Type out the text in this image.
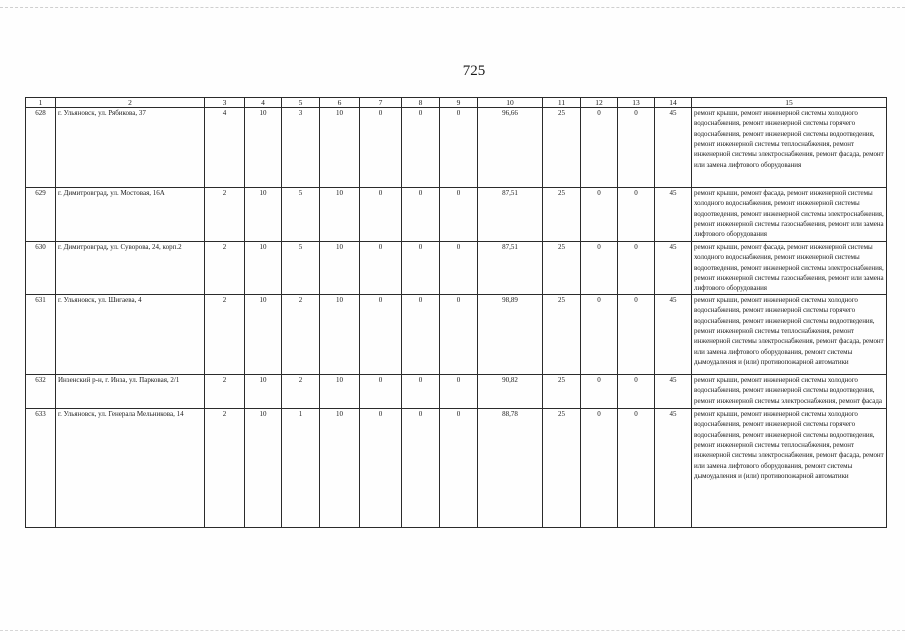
725
1	2	3	4	5	6	7	8	9	10	11	12	13	14	15
628	г. Ульяновск, ул. Рябикова, 37	4	10	3	10	0	0	0	96,66	25	0	0	45	ремонт крыши, ремонт инженерной системы холодного водоснабжения, ремонт инженерной системы горячего водоснабжения, ремонт инженерной системы водоотведения, ремонт инженерной системы теплоснабжения, ремонт инженерной системы электроснабжения, ремонт фасада, ремонт или замена лифтового оборудования
629	г. Димитровград, ул. Мостовая, 16А	2	10	5	10	0	0	0	87,51	25	0	0	45	ремонт крыши, ремонт фасада, ремонт инженерной системы холодного водоснабжения, ремонт инженерной системы водоотведения, ремонт инженерной системы электроснабжения, ремонт инженерной системы газоснабжения, ремонт или замена лифтового оборудования
630	г. Димитровград, ул. Суворова, 24, корп.2	2	10	5	10	0	0	0	87,51	25	0	0	45	ремонт крыши, ремонт фасада, ремонт инженерной системы холодного водоснабжения, ремонт инженерной системы водоотведения, ремонт инженерной системы электроснабжения, ремонт инженерной системы газоснабжения, ремонт или замена лифтового оборудования
631	г. Ульяновск, ул. Шигаева, 4	2	10	2	10	0	0	0	98,89	25	0	0	45	ремонт крыши, ремонт инженерной системы холодного водоснабжения, ремонт инженерной системы горячего водоснабжения, ремонт инженерной системы водоотведения, ремонт инженерной системы теплоснабжения, ремонт инженерной системы электроснабжения, ремонт фасада, ремонт или замена лифтового оборудования, ремонт системы дымоудаления и (или) противопожарной автоматики
632	Инзенский р-н, г. Инза, ул. Парковая, 2/1	2	10	2	10	0	0	0	90,82	25	0	0	45	ремонт крыши, ремонт инженерной системы холодного водоснабжения, ремонт инженерной системы водоотведения, ремонт инженерной системы электроснабжения, ремонт фасада
633	г. Ульяновск, ул. Генерала Мельникова, 14	2	10	1	10	0	0	0	88,78	25	0	0	45	ремонт крыши, ремонт инженерной системы холодного водоснабжения, ремонт инженерной системы горячего водоснабжения, ремонт инженерной системы водоотведения, ремонт инженерной системы теплоснабжения, ремонт инженерной системы электроснабжения, ремонт фасада, ремонт или замена лифтового оборудования, ремонт системы дымоудаления и (или) противопожарной автоматики
